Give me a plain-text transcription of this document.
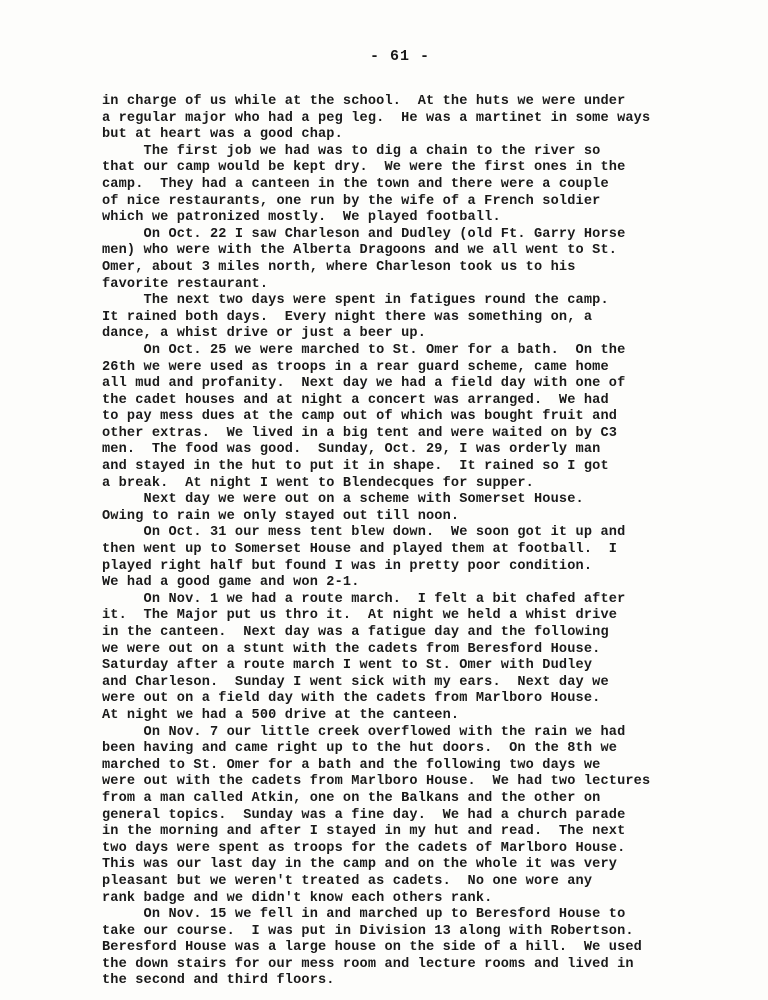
- 61 -
in charge of us while at the school.  At the huts we were under
a regular major who had a peg leg.  He was a martinet in some ways
but at heart was a good chap.
The first job we had was to dig a chain to the river so
that our camp would be kept dry.  We were the first ones in the
camp.  They had a canteen in the town and there were a couple
of nice restaurants, one run by the wife of a French soldier
which we patronized mostly.  We played football.
On Oct. 22 I saw Charleson and Dudley (old Ft. Garry Horse
men) who were with the Alberta Dragoons and we all went to St.
Omer, about 3 miles north, where Charleson took us to his
favorite restaurant.
The next two days were spent in fatigues round the camp.
It rained both days.  Every night there was something on, a
dance, a whist drive or just a beer up.
On Oct. 25 we were marched to St. Omer for a bath.  On the
26th we were used as troops in a rear guard scheme, came home
all mud and profanity.  Next day we had a field day with one of
the cadet houses and at night a concert was arranged.  We had
to pay mess dues at the camp out of which was bought fruit and
other extras.  We lived in a big tent and were waited on by C3
men.  The food was good.  Sunday, Oct. 29, I was orderly man
and stayed in the hut to put it in shape.  It rained so I got
a break.  At night I went to Blendecques for supper.
Next day we were out on a scheme with Somerset House.
Owing to rain we only stayed out till noon.
On Oct. 31 our mess tent blew down.  We soon got it up and
then went up to Somerset House and played them at football.  I
played right half but found I was in pretty poor condition.
We had a good game and won 2-1.
On Nov. 1 we had a route march.  I felt a bit chafed after
it.  The Major put us thro it.  At night we held a whist drive
in the canteen.  Next day was a fatigue day and the following
we were out on a stunt with the cadets from Beresford House.
Saturday after a route march I went to St. Omer with Dudley
and Charleson.  Sunday I went sick with my ears.  Next day we
were out on a field day with the cadets from Marlboro House.
At night we had a 500 drive at the canteen.
On Nov. 7 our little creek overflowed with the rain we had
been having and came right up to the hut doors.  On the 8th we
marched to St. Omer for a bath and the following two days we
were out with the cadets from Marlboro House.  We had two lectures
from a man called Atkin, one on the Balkans and the other on
general topics.  Sunday was a fine day.  We had a church parade
in the morning and after I stayed in my hut and read.  The next
two days were spent as troops for the cadets of Marlboro House.
This was our last day in the camp and on the whole it was very
pleasant but we weren't treated as cadets.  No one wore any
rank badge and we didn't know each others rank.
On Nov. 15 we fell in and marched up to Beresford House to
take our course.  I was put in Division 13 along with Robertson.
Beresford House was a large house on the side of a hill.  We used
the down stairs for our mess room and lecture rooms and lived in
the second and third floors.
